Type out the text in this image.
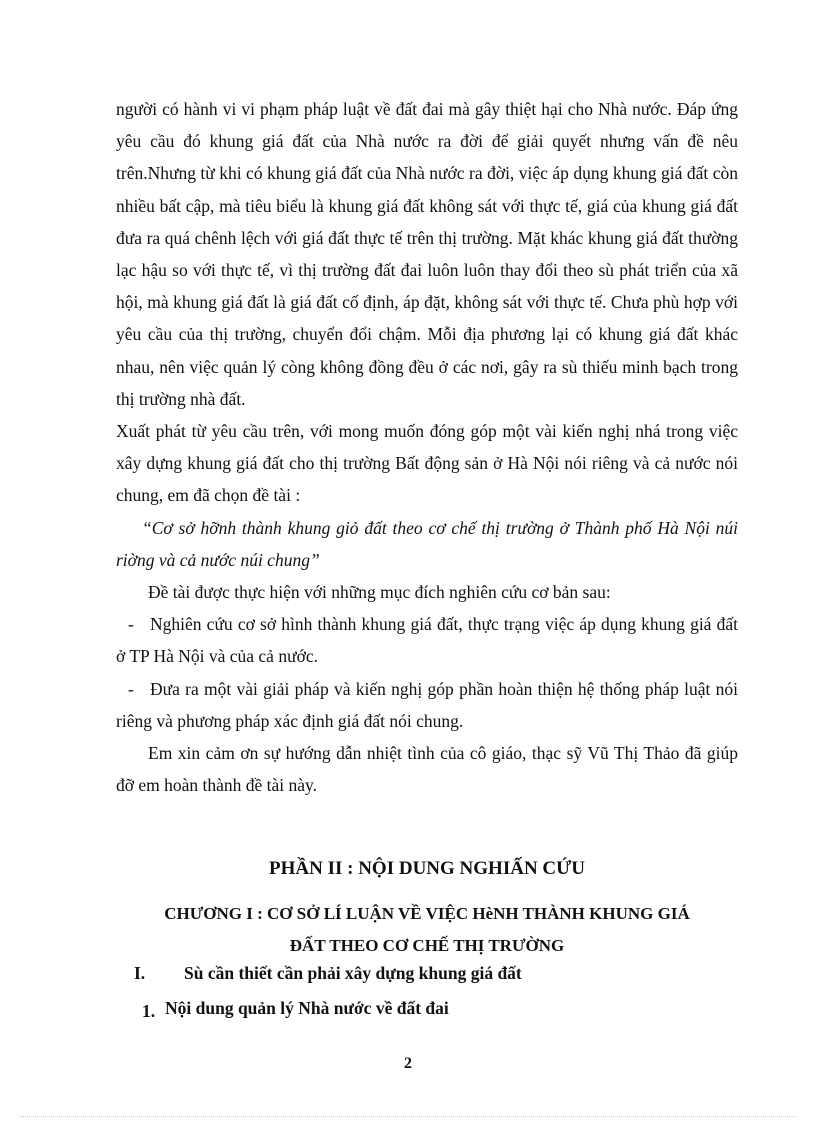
người có hành vi vi phạm pháp luật về đất đai mà gây thiệt hại cho Nhà nước. Đáp ứng yêu cầu đó khung giá đất của Nhà nước ra đời để giải quyết nhưng vấn đề nêu trên.Nhưng từ khi có khung giá đất của Nhà nước ra đời, việc áp dụng khung giá đất còn nhiều bất cập, mà tiêu biểu là khung giá đất không sát với thực tế, giá của khung giá đất đưa ra quá chênh lệch với giá đất thực tế trên thị trường. Mặt khác khung giá đất thường lạc hậu so với thực tế, vì thị trường đất đai luôn luôn thay đổi theo sù phát triển của xã hội, mà khung giá đất là giá đất cố định, áp đặt, không sát với thực tế. Chưa phù hợp với yêu cầu của thị trường, chuyển đổi chậm. Mỗi địa phương lại có khung giá đất khác nhau, nên việc quản lý còng không đồng đều ở các nơi, gây ra sù thiếu minh bạch trong thị trường nhà đất.

Xuất phát từ yêu cầu trên, với mong muốn đóng góp một vài kiến nghị nhá trong việc xây dựng khung giá đất cho thị trường Bất động sản ở Hà Nội nói riêng và cả nước nói chung, em đã chọn đề tài :

“Cơ sở hỡnh thành khung giỏ đất theo cơ chế thị trường ở Thành phố Hà Nội núi riờng và cả nước núi chung”

Đề tài được thực hiện với những mục đích nghiên cứu cơ bản sau:

- Nghiên cứu cơ sở hình thành khung giá đất, thực trạng việc áp dụng khung giá đất ở TP Hà Nội và của cả nước.

- Đưa ra một vài giải pháp và kiến nghị góp phần hoàn thiện hệ thống pháp luật nói riêng và phương pháp xác định giá đất nói chung.

Em xin cảm ơn sự hướng dẫn nhiệt tình của cô giáo, thạc sỹ Vũ Thị Thảo đã giúp đỡ em hoàn thành đề tài này.

PHẦN II : NỘI DUNG NGHIẤN CỨU
CHƯƠNG I : CƠ SỞ LÍ LUẬN VỀ VIỆC HèNH THÀNH KHUNG GIÁ
ĐẤT THEO CƠ CHẾ THỊ TRƯỜNG
I. Sù cần thiết cần phải xây dựng khung giá đất
1. Nội dung quản lý Nhà nước về đất đai
2
